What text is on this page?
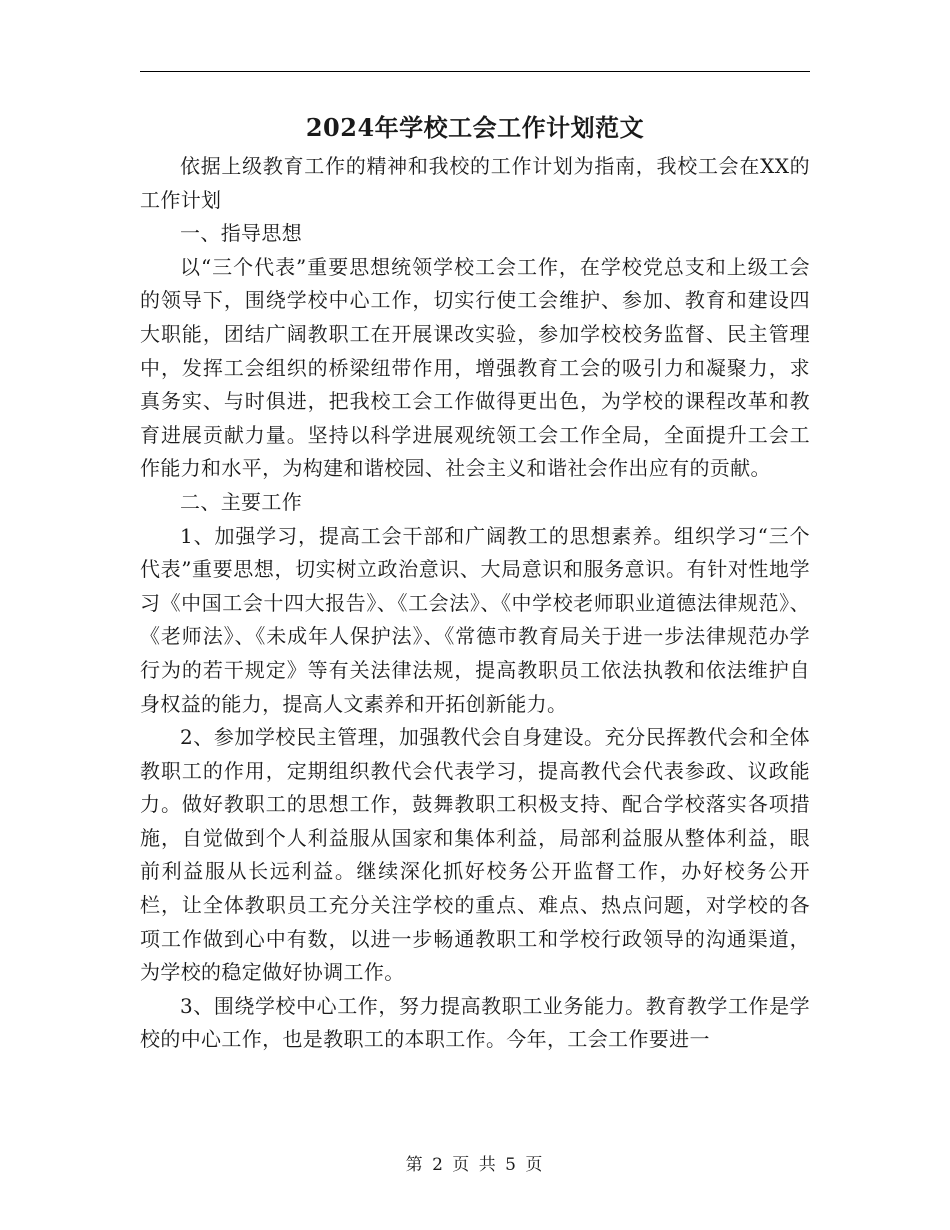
2024年学校工会工作计划范文

依据上级教育工作的精神和我校的工作计划为指南，我校工会在XX的工作计划

一、指导思想

以“三个代表”重要思想统领学校工会工作，在学校党总支和上级工会的领导下，围绕学校中心工作，切实行使工会维护、参加、教育和建设四大职能，团结广阔教职工在开展课改实验，参加学校校务监督、民主管理中，发挥工会组织的桥梁纽带作用，增强教育工会的吸引力和凝聚力，求真务实、与时俱进，把我校工会工作做得更出色，为学校的课程改革和教育进展贡献力量。坚持以科学进展观统领工会工作全局，全面提升工会工作能力和水平，为构建和谐校园、社会主义和谐社会作出应有的贡献。

二、主要工作

1、加强学习，提高工会干部和广阔教工的思想素养。组织学习“三个代表”重要思想，切实树立政治意识、大局意识和服务意识。有针对性地学习《中国工会十四大报告》、《工会法》、《中学校老师职业道德法律规范》、《老师法》、《未成年人保护法》、《常德市教育局关于进一步法律规范办学行为的若干规定》等有关法律法规，提高教职员工依法执教和依法维护自身权益的能力，提高人文素养和开拓创新能力。

2、参加学校民主管理，加强教代会自身建设。充分民挥教代会和全体教职工的作用，定期组织教代会代表学习，提高教代会代表参政、议政能力。做好教职工的思想工作，鼓舞教职工积极支持、配合学校落实各项措施，自觉做到个人利益服从国家和集体利益，局部利益服从整体利益，眼前利益服从长远利益。继续深化抓好校务公开监督工作，办好校务公开栏，让全体教职员工充分关注学校的重点、难点、热点问题，对学校的各项工作做到心中有数，以进一步畅通教职工和学校行政领导的沟通渠道，为学校的稳定做好协调工作。

3、围绕学校中心工作，努力提高教职工业务能力。教育教学工作是学校的中心工作，也是教职工的本职工作。今年，工会工作要进一

第 2 页 共 5 页
